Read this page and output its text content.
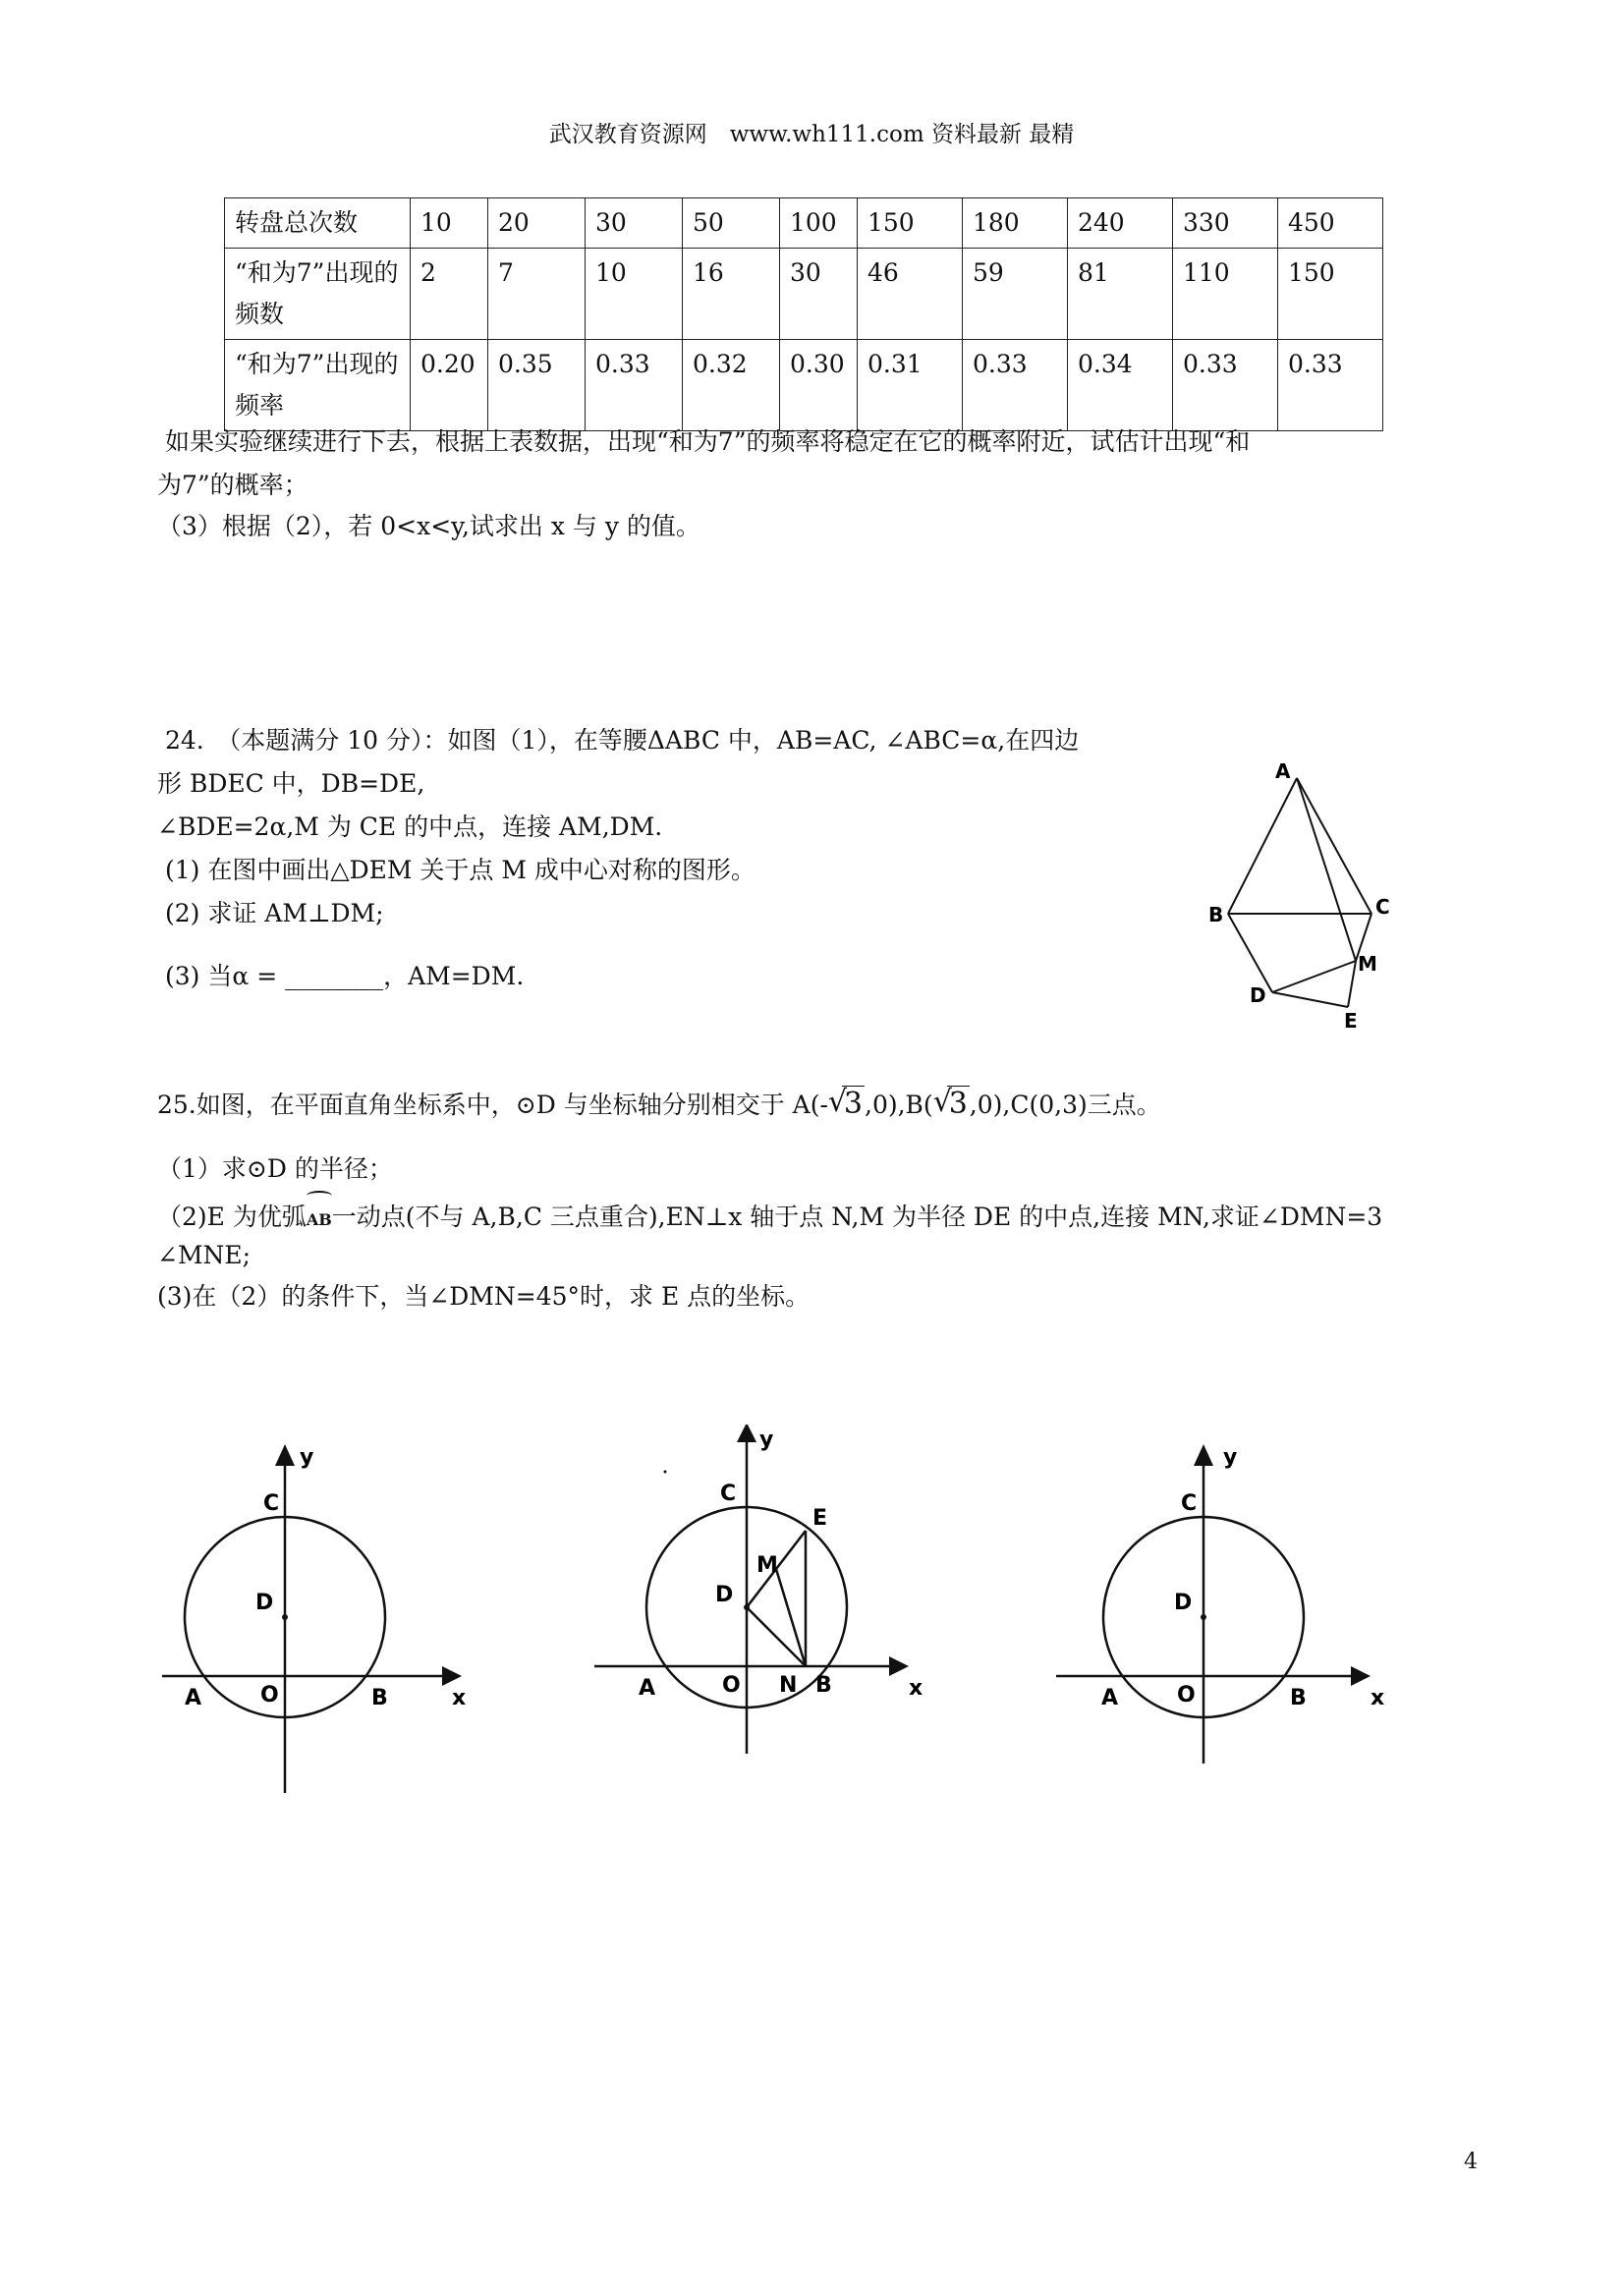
武汉教育资源网　www.wh111.com 资料最新 最精
转盘总次数	10	20	30	50	100	150	180	240	330	450
“和为7”出现的频数	2	7	10	16	30	46	59	81	110	150
“和为7”出现的频率	0.20	0.35	0.33	0.32	0.30	0.31	0.33	0.34	0.33	0.33
如果实验继续进行下去，根据上表数据，出现“和为7”的频率将稳定在它的概率附近，试估计出现“和
为7”的概率；
（3）根据（2），若 0<x<y,试求出 x 与 y 的值。
24.　（本题满分 10 分）：如图（1），在等腰ΔABC 中，AB=AC, ∠ABC=α,在四边
形 BDEC 中，DB=DE,
∠BDE=2α,M 为 CE 的中点，连接 AM,DM.
(1) 在图中画出△DEM 关于点 M 成中心对称的图形。
(2) 求证 AM⊥DM;
(3) 当α = ________，AM=DM.
A
B	C
D
E
M
25.如图，在平面直角坐标系中，⊙D 与坐标轴分别相交于 A(- √
3,0),B( √
3,0),C(0,3)三点。
（1）求⊙D 的半径；
（2)E 为优弧AB一动点(不与 A,B,C 三点重合),EN⊥x 轴于点 N,M 为半径 DE 的中点,连接 MN,求证∠DMN=3
∠MNE;
(3)在（2）的条件下，当∠DMN=45°时，求 E 点的坐标。
y
x
C
D
A	O	B
y
x
C
E
M
D
A	O N B
y
x
C
D
A	O	B
4
